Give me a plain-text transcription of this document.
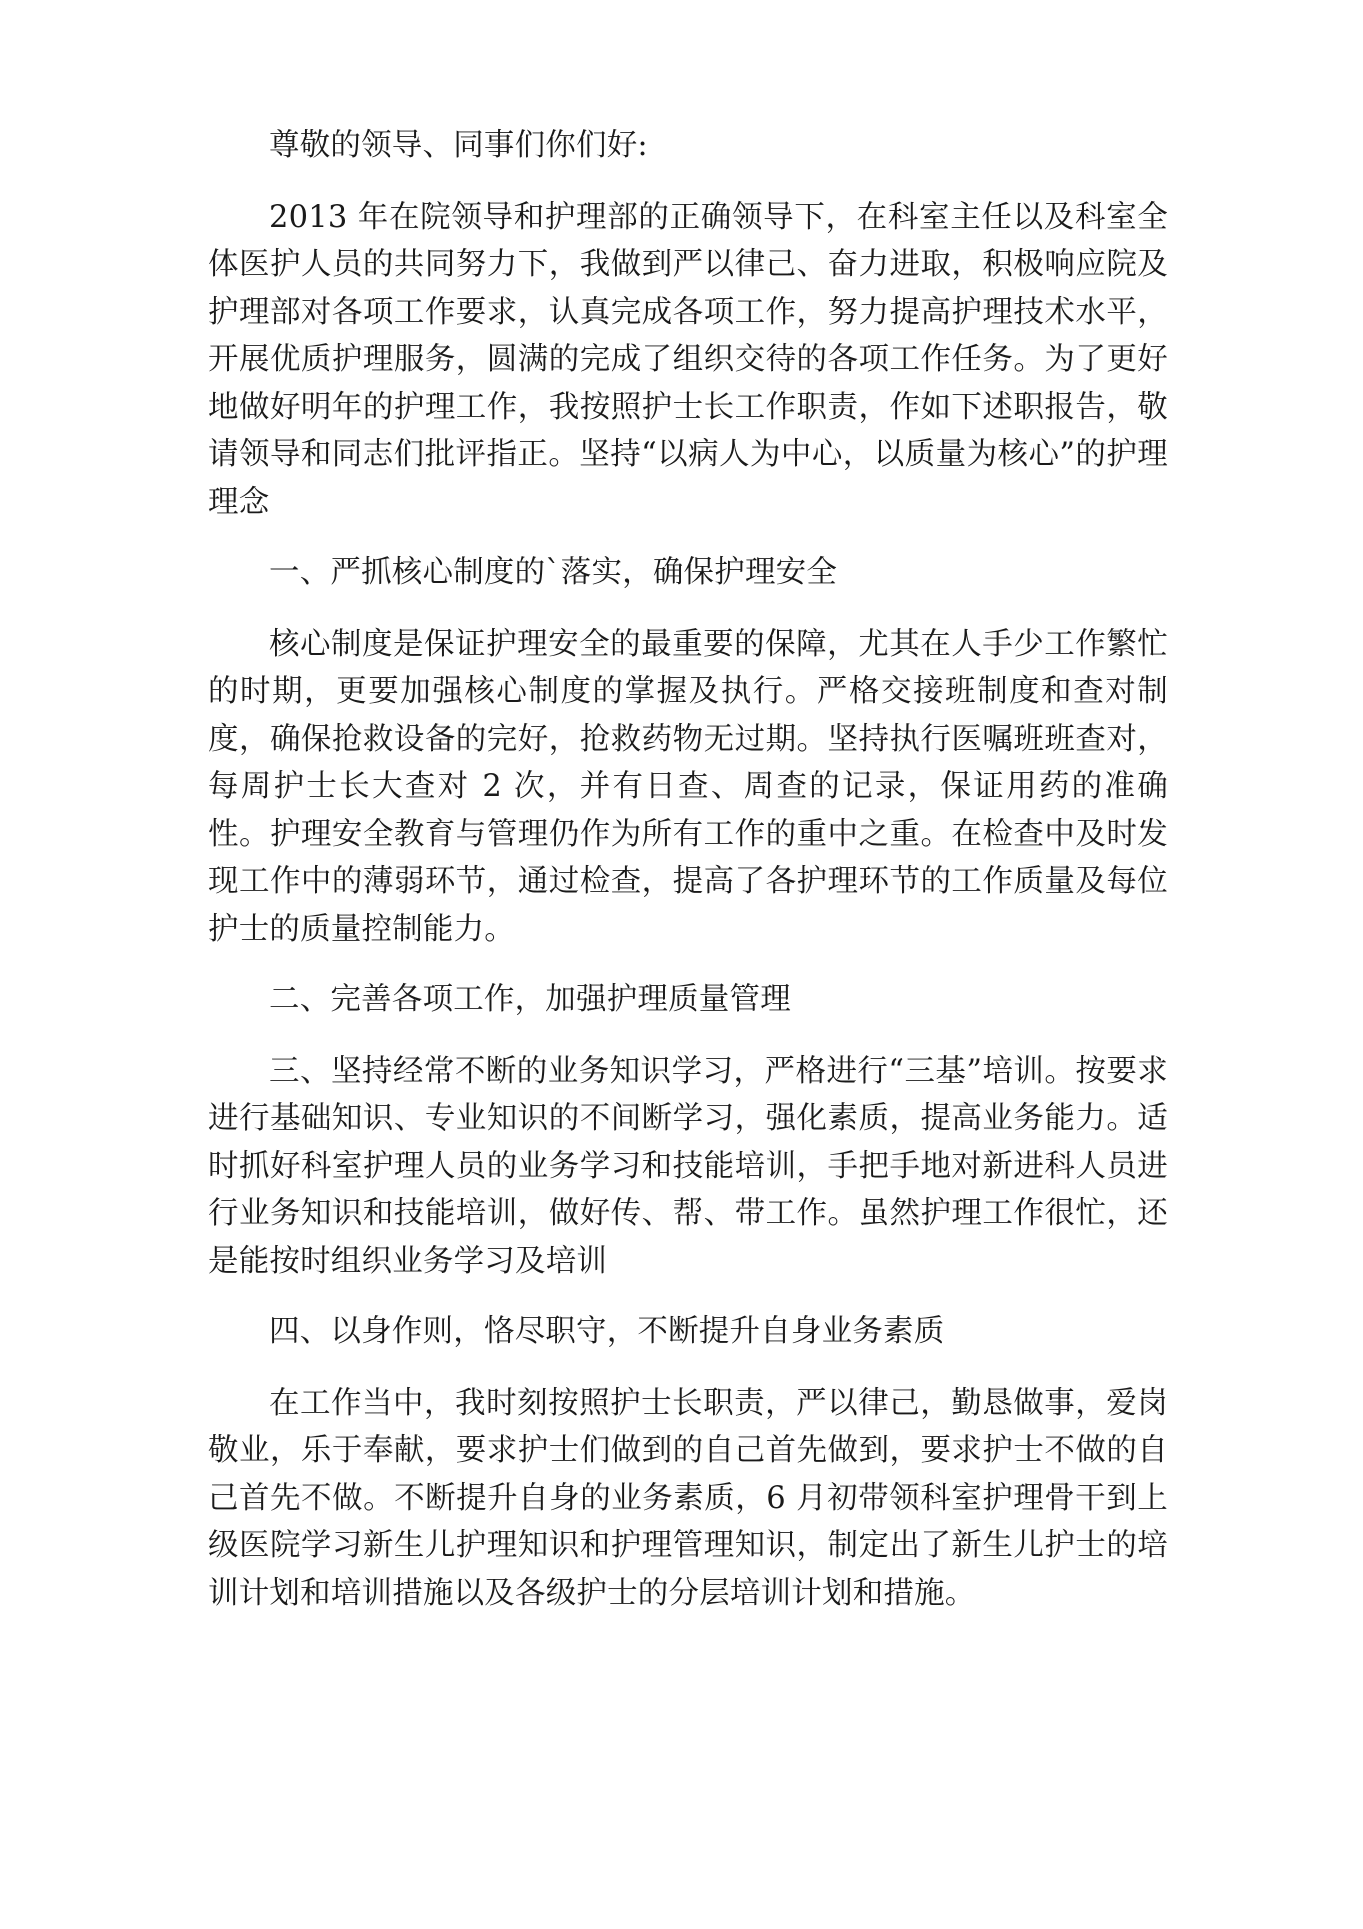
尊敬的领导、同事们你们好:

2013 年在院领导和护理部的正确领导下，在科室主任以及科室全体医护人员的共同努力下，我做到严以律己、奋力进取，积极响应院及护理部对各项工作要求，认真完成各项工作，努力提高护理技术水平，开展优质护理服务，圆满的完成了组织交待的各项工作任务。为了更好地做好明年的护理工作，我按照护士长工作职责，作如下述职报告，敬请领导和同志们批评指正。坚持“以病人为中心，以质量为核心”的护理理念

一、严抓核心制度的`落实，确保护理安全

核心制度是保证护理安全的最重要的保障，尤其在人手少工作繁忙的时期，更要加强核心制度的掌握及执行。严格交接班制度和查对制度，确保抢救设备的完好，抢救药物无过期。坚持执行医嘱班班查对，每周护士长大查对 2 次，并有日查、周查的记录，保证用药的准确性。护理安全教育与管理仍作为所有工作的重中之重。在检查中及时发现工作中的薄弱环节，通过检查，提高了各护理环节的工作质量及每位护士的质量控制能力。

二、完善各项工作，加强护理质量管理

三、坚持经常不断的业务知识学习，严格进行“三基”培训。按要求进行基础知识、专业知识的不间断学习，强化素质，提高业务能力。适时抓好科室护理人员的业务学习和技能培训，手把手地对新进科人员进行业务知识和技能培训，做好传、帮、带工作。虽然护理工作很忙，还是能按时组织业务学习及培训

四、以身作则，恪尽职守，不断提升自身业务素质

在工作当中，我时刻按照护士长职责，严以律己，勤恳做事，爱岗敬业，乐于奉献，要求护士们做到的自己首先做到，要求护士不做的自己首先不做。不断提升自身的业务素质，6 月初带领科室护理骨干到上级医院学习新生儿护理知识和护理管理知识，制定出了新生儿护士的培训计划和培训措施以及各级护士的分层培训计划和措施。
